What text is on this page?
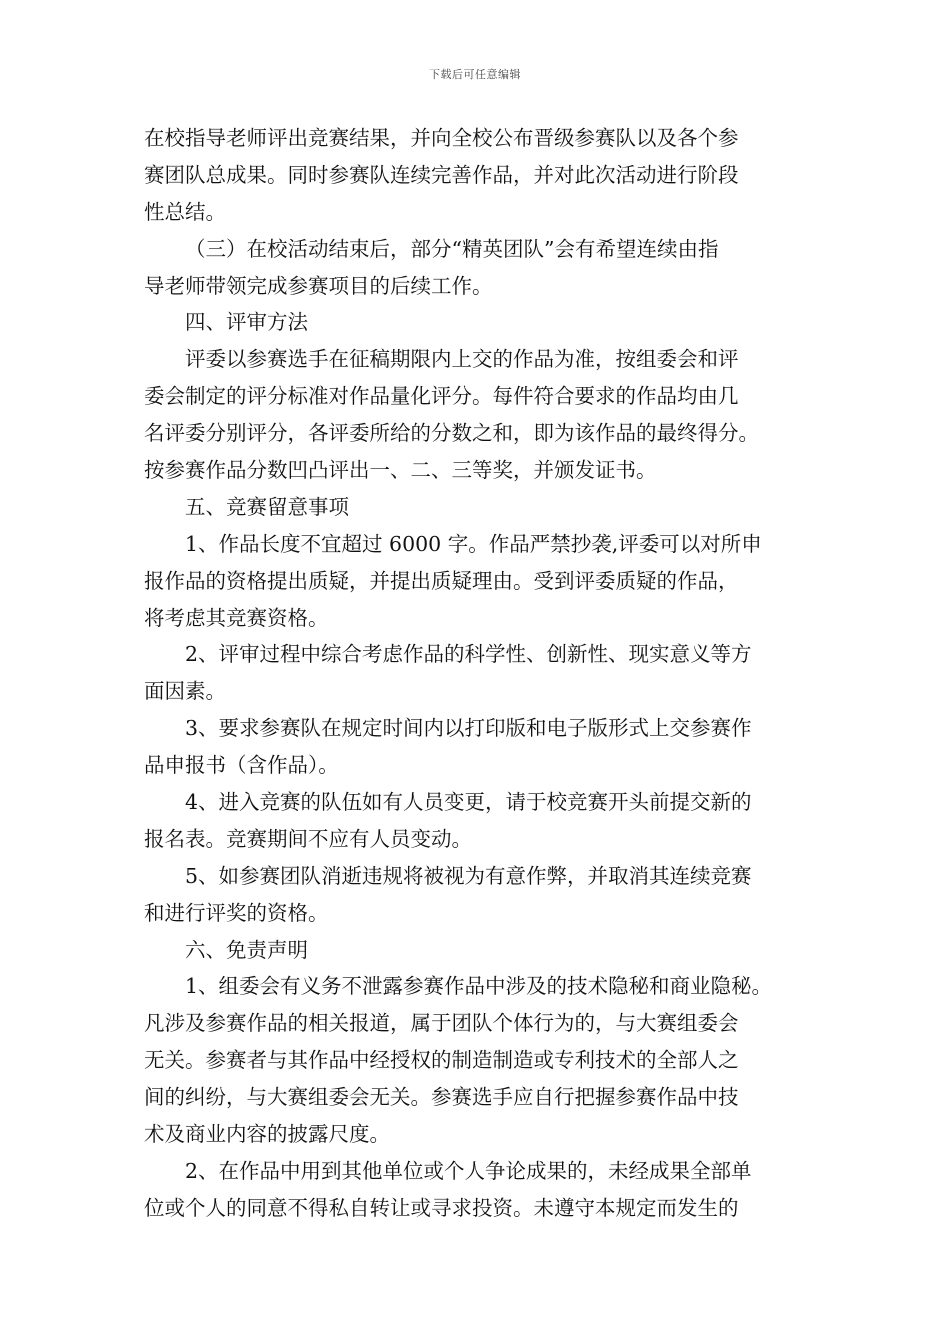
下载后可任意编辑
在校指导老师评出竞赛结果，并向全校公布晋级参赛队以及各个参
赛团队总成果。同时参赛队连续完善作品，并对此次活动进行阶段
性总结。
（三）在校活动结束后，部分“精英团队”会有希望连续由指
导老师带领完成参赛项目的后续工作。
四、评审方法
评委以参赛选手在征稿期限内上交的作品为准，按组委会和评
委会制定的评分标准对作品量化评分。每件符合要求的作品均由几
名评委分别评分，各评委所给的分数之和，即为该作品的最终得分。
按参赛作品分数凹凸评出一、二、三等奖，并颁发证书。
五、竞赛留意事项
1、作品长度不宜超过 6000 字。作品严禁抄袭,评委可以对所申
报作品的资格提出质疑，并提出质疑理由。受到评委质疑的作品，
将考虑其竞赛资格。
2、评审过程中综合考虑作品的科学性、创新性、现实意义等方
面因素。
3、要求参赛队在规定时间内以打印版和电子版形式上交参赛作
品申报书（含作品）。
4、进入竞赛的队伍如有人员变更，请于校竞赛开头前提交新的
报名表。竞赛期间不应有人员变动。
5、如参赛团队消逝违规将被视为有意作弊，并取消其连续竞赛
和进行评奖的资格。
六、免责声明
1、组委会有义务不泄露参赛作品中涉及的技术隐秘和商业隐秘。
凡涉及参赛作品的相关报道，属于团队个体行为的，与大赛组委会
无关。参赛者与其作品中经授权的制造制造或专利技术的全部人之
间的纠纷，与大赛组委会无关。参赛选手应自行把握参赛作品中技
术及商业内容的披露尺度。
2、在作品中用到其他单位或个人争论成果的，未经成果全部单
位或个人的同意不得私自转让或寻求投资。未遵守本规定而发生的
